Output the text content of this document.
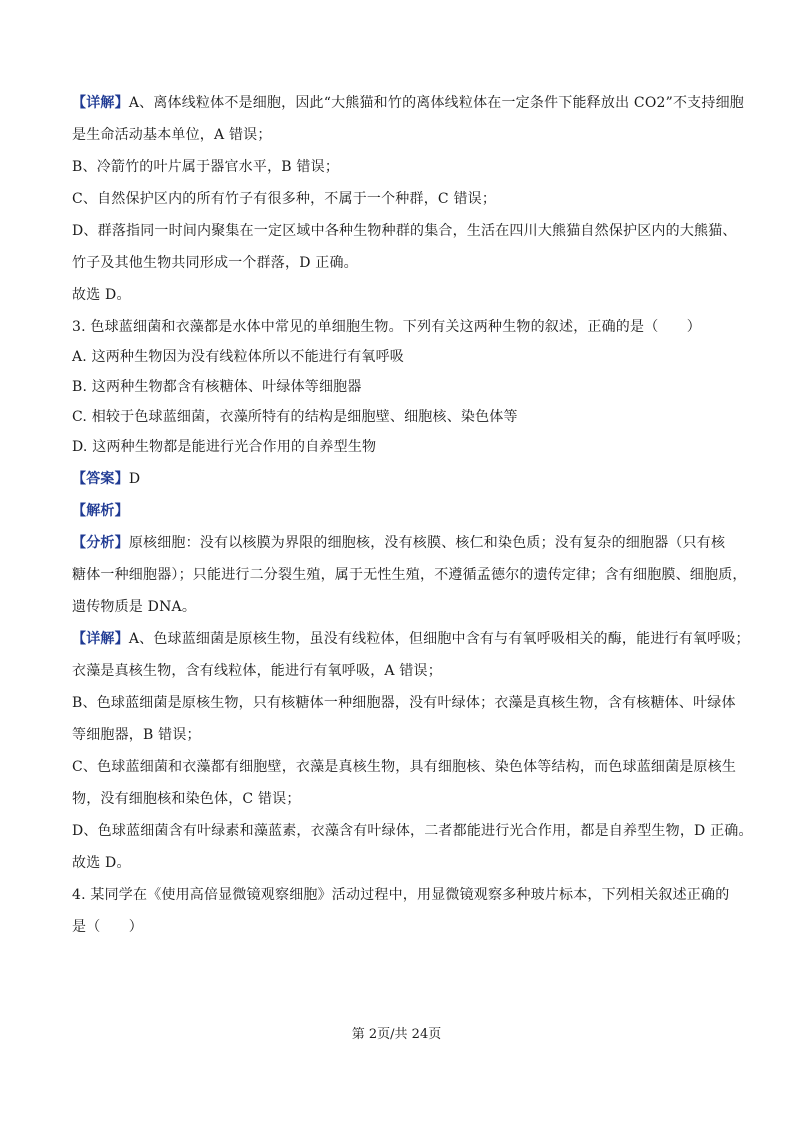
【详解】A、离体线粒体不是细胞，因此“大熊猫和竹的离体线粒体在一定条件下能释放出 CO2”不支持细胞
是生命活动基本单位，A 错误；
B、冷箭竹的叶片属于器官水平，B 错误；
C、自然保护区内的所有竹子有很多种，不属于一个种群，C 错误；
D、群落指同一时间内聚集在一定区域中各种生物种群的集合，生活在四川大熊猫自然保护区内的大熊猫、
竹子及其他生物共同形成一个群落，D 正确。
故选 D。
3. 色球蓝细菌和衣藻都是水体中常见的单细胞生物。下列有关这两种生物的叙述，正确的是（　　）
A. 这两种生物因为没有线粒体所以不能进行有氧呼吸
B. 这两种生物都含有核糖体、叶绿体等细胞器
C. 相较于色球蓝细菌，衣藻所特有的结构是细胞壁、细胞核、染色体等
D. 这两种生物都是能进行光合作用的自养型生物
【答案】D
【解析】
【分析】原核细胞：没有以核膜为界限的细胞核，没有核膜、核仁和染色质；没有复杂的细胞器（只有核
糖体一种细胞器）；只能进行二分裂生殖，属于无性生殖，不遵循孟德尔的遗传定律；含有细胞膜、细胞质，
遗传物质是 DNA。
【详解】A、色球蓝细菌是原核生物，虽没有线粒体，但细胞中含有与有氧呼吸相关的酶，能进行有氧呼吸；
衣藻是真核生物，含有线粒体，能进行有氧呼吸，A 错误；
B、色球蓝细菌是原核生物，只有核糖体一种细胞器，没有叶绿体；衣藻是真核生物，含有核糖体、叶绿体
等细胞器，B 错误；
C、色球蓝细菌和衣藻都有细胞壁，衣藻是真核生物，具有细胞核、染色体等结构，而色球蓝细菌是原核生
物，没有细胞核和染色体，C 错误；
D、色球蓝细菌含有叶绿素和藻蓝素，衣藻含有叶绿体，二者都能进行光合作用，都是自养型生物，D 正确。
故选 D。
4. 某同学在《使用高倍显微镜观察细胞》活动过程中，用显微镜观察多种玻片标本，下列相关叙述正确的
是（　　）
第 2页/共 24页
